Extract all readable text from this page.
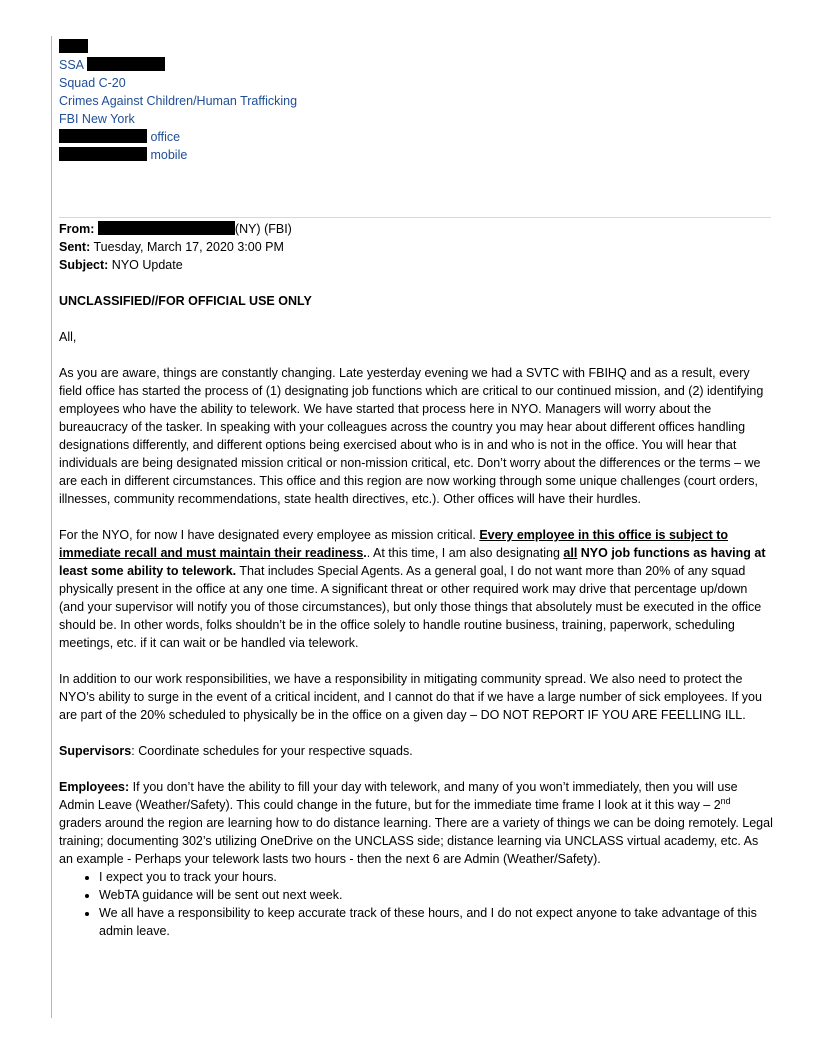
SSA
Squad C-20
Crimes Against Children/Human Trafficking
FBI New York
office
mobile
From:	(NY) (FBI)
Sent: Tuesday, March 17, 2020 3:00 PM
Subject: NYO Update

UNCLASSIFIED//FOR OFFICIAL USE ONLY

All,

As you are aware, things are constantly changing. Late yesterday evening we had a SVTC with FBIHQ and as a result, every field office has started the process of (1) designating job functions which are critical to our continued mission, and (2) identifying employees who have the ability to telework. We have started that process here in NYO. Managers will worry about the bureaucracy of the tasker. In speaking with your colleagues across the country you may hear about different offices handling designations differently, and different options being exercised about who is in and who is not in the office. You will hear that individuals are being designated mission critical or non-mission critical, etc. Don’t worry about the differences or the terms – we are each in different circumstances. This office and this region are now working through some unique challenges (court orders, illnesses, community recommendations, state health directives, etc.). Other offices will have their hurdles.

For the NYO, for now I have designated every employee as mission critical. Every employee in this office is subject to immediate recall and must maintain their readiness.. At this time, I am also designating all NYO job functions as having at least some ability to telework. That includes Special Agents. As a general goal, I do not want more than 20% of any squad physically present in the office at any one time. A significant threat or other required work may drive that percentage up/down (and your supervisor will notify you of those circumstances), but only those things that absolutely must be executed in the office should be. In other words, folks shouldn’t be in the office solely to handle routine business, training, paperwork, scheduling meetings, etc. if it can wait or be handled via telework.

In addition to our work responsibilities, we have a responsibility in mitigating community spread. We also need to protect the NYO’s ability to surge in the event of a critical incident, and I cannot do that if we have a large number of sick employees. If you are part of the 20% scheduled to physically be in the office on a given day – DO NOT REPORT IF YOU ARE FEELLING ILL.

Supervisors: Coordinate schedules for your respective squads.

Employees: If you don’t have the ability to fill your day with telework, and many of you won’t immediately, then you will use Admin Leave (Weather/Safety). This could change in the future, but for the immediate time frame I look at it this way – 2nd graders around the region are learning how to do distance learning. There are a variety of things we can be doing remotely. Legal training; documenting 302’s utilizing OneDrive on the UNCLASS side; distance learning via UNCLASS virtual academy, etc. As an example - Perhaps your telework lasts two hours - then the next 6 are Admin (Weather/Safety).

• I expect you to track your hours.
• WebTA guidance will be sent out next week.
• We all have a responsibility to keep accurate track of these hours, and I do not expect anyone to take advantage of this admin leave.
